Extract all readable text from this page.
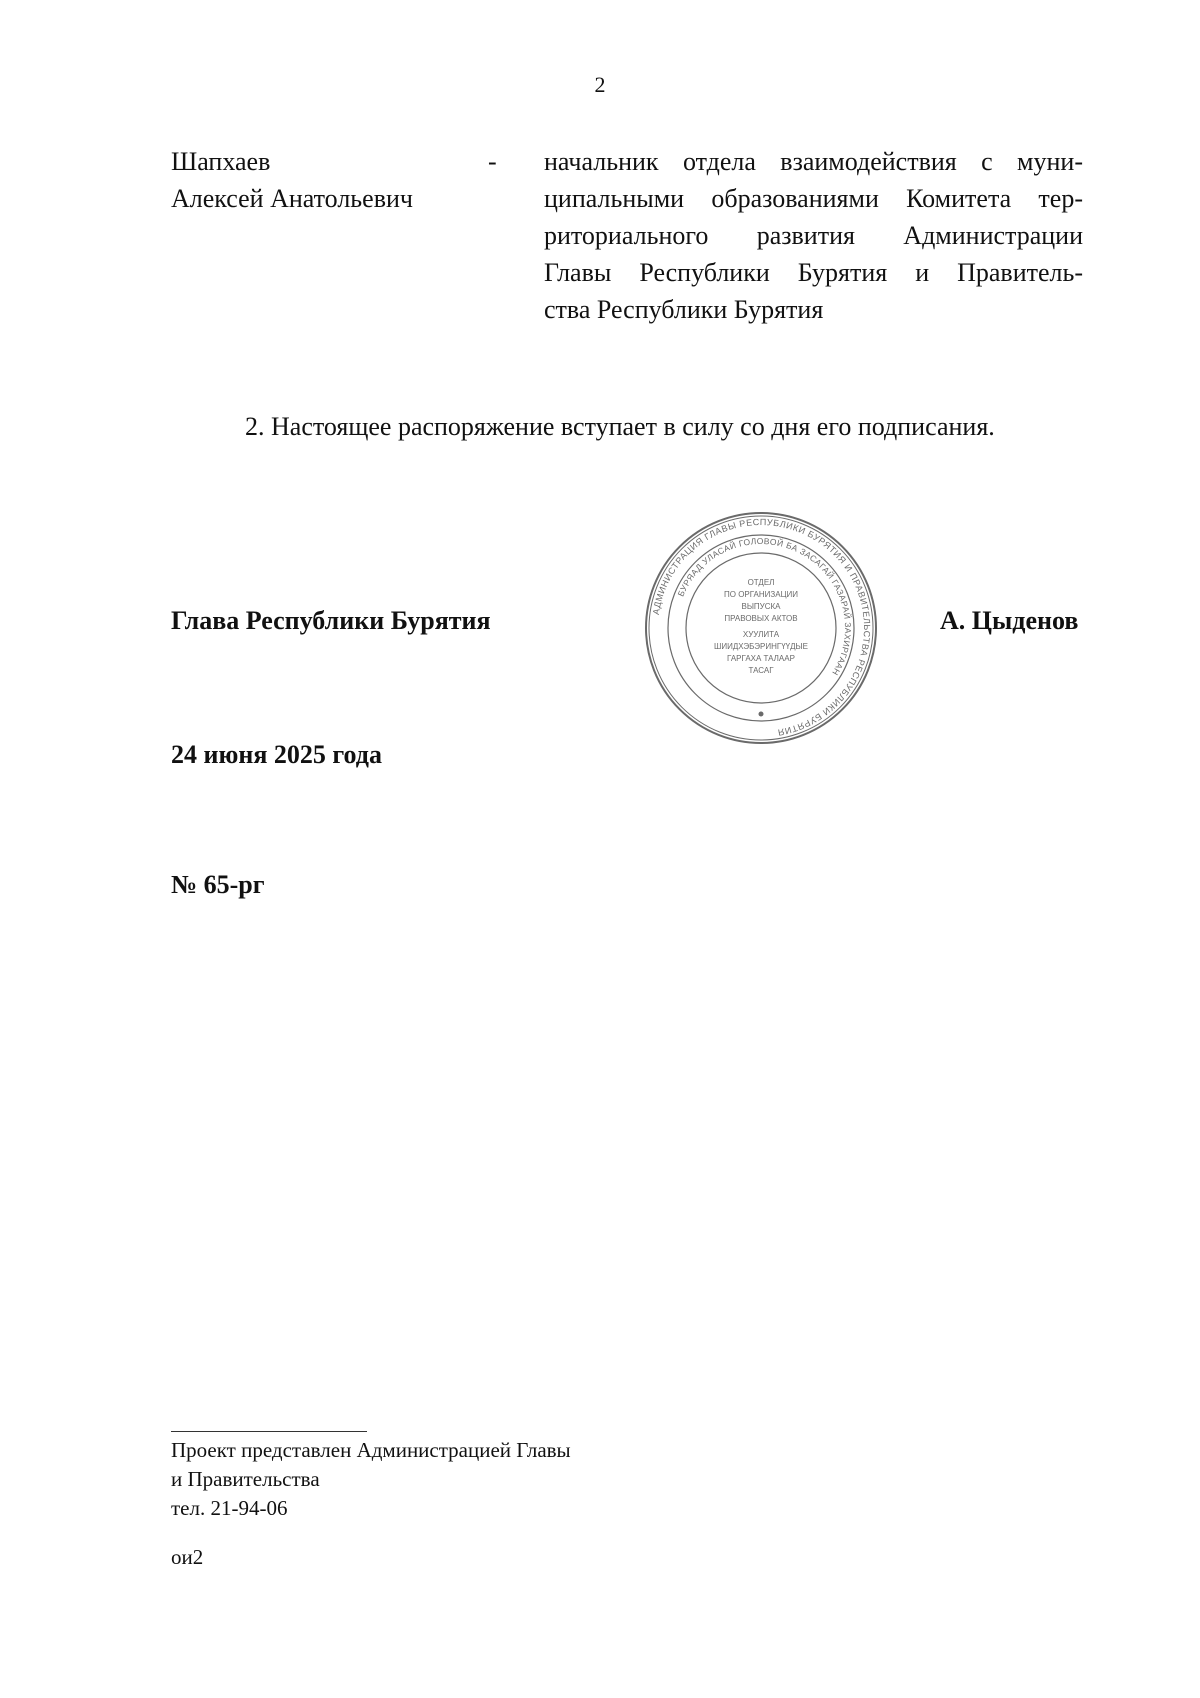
2
Шапхаев
Алексей Анатольевич
- начальник отдела взаимодействия с муни-
ципальными образованиями Комитета тер-
риториального развития Администрации
Главы Республики Бурятия и Правитель-
ства Республики Бурятия
2. Настоящее распоряжение вступает в силу со дня его подписания.
Глава Республики Бурятия	А. Цыденов
АДМИНИСТРАЦИЯ ГЛАВЫ РЕСПУБЛИКИ БУРЯТИЯ И ПРАВИТЕЛЬСТВА РЕСПУБЛИКИ БУРЯТИЯ
БУРЯАД УЛАСАЙ ГОЛОВОЙ БА ЗАСАГАЙ ГАЗАРАЙ ЗАХИРГААН
ОТДЕЛ
ПО ОРГАНИЗАЦИИ
ВЫПУСКА
ПРАВОВЫХ АКТОВ
ХУУЛИТА
ШИИДХЭБЭРИНГҮҮДЫЕ
ГАРГАХА ТАЛААР
ТАСАГ
24 июня 2025 года
№ 65-рг
Проект представлен Администрацией Главы
и Правительства
тел. 21-94-06
ои2
